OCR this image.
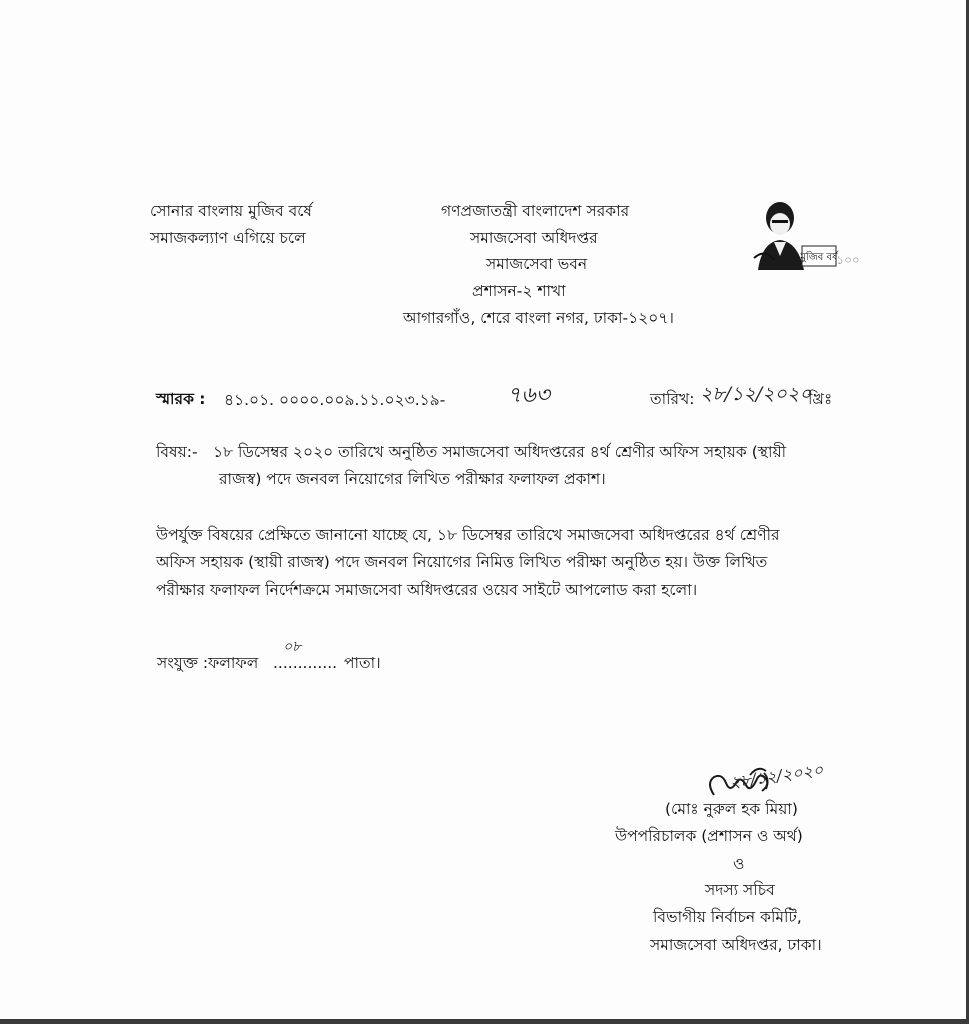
সোনার বাংলায় মুজিব বর্ষে
সমাজকল্যাণ এগিয়ে চলে
গণপ্রজাতন্ত্রী বাংলাদেশ সরকার
সমাজসেবা অধিদপ্তর
সমাজসেবা ভবন
প্রশাসন-২ শাখা
আগারগাঁও, শেরে বাংলা নগর, ঢাকা-১২০৭।
মুজিব বর্ষ
১০০
স্মারক : ৪১.০১. ০০০০.০০৯.১১.০২৩.১৯-	৭৬৩	তারিখ: ২৮/১২/২০২০
খ্রিঃ
বিষয়:- ১৮ ডিসেম্বর ২০২০ তারিখে অনুষ্ঠিত সমাজসেবা অধিদপ্তরের ৪র্থ শ্রেণীর অফিস সহায়ক (স্থায়ী
রাজস্ব) পদে জনবল নিয়োগের লিখিত পরীক্ষার ফলাফল প্রকাশ।
উপর্যুক্ত বিষয়ের প্রেক্ষিতে জানানো যাচ্ছে যে, ১৮ ডিসেম্বর তারিখে সমাজসেবা অধিদপ্তরের ৪র্থ শ্রেণীর
অফিস সহায়ক (স্থায়ী রাজস্ব) পদে জনবল নিয়োগের নিমিত্ত লিখিত পরীক্ষা অনুষ্ঠিত হয়। উক্ত লিখিত
পরীক্ষার ফলাফল নির্দেশক্রমে সমাজসেবা অধিদপ্তরের ওয়েব সাইটে আপলোড করা হলো।
সংযুক্ত :ফলাফল .............
০৮
পাতা।
২৮/১২/২০২০
(মোঃ নুরুল হক মিয়া)
উপপরিচালক (প্রশাসন ও অর্থ)
ও
সদস্য সচিব
বিভাগীয় নির্বাচন কমিটি,
সমাজসেবা অধিদপ্তর, ঢাকা।
